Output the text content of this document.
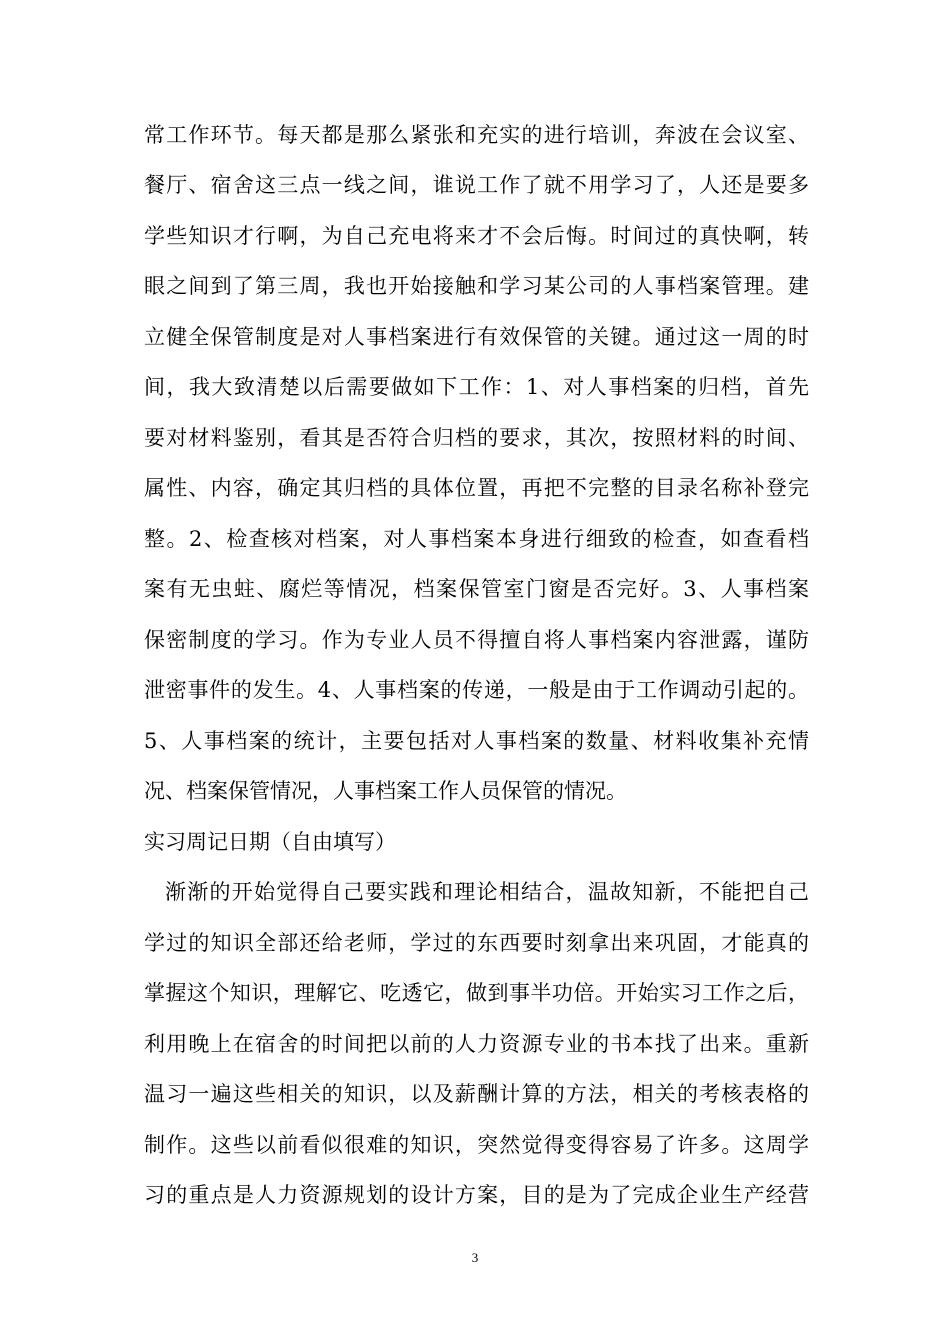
常工作环节。每天都是那么紧张和充实的进行培训，奔波在会议室、
餐厅、宿舍这三点一线之间，谁说工作了就不用学习了，人还是要多
学些知识才行啊，为自己充电将来才不会后悔。时间过的真快啊，转
眼之间到了第三周，我也开始接触和学习某公司的人事档案管理。建
立健全保管制度是对人事档案进行有效保管的关键。通过这一周的时
间，我大致清楚以后需要做如下工作：1、对人事档案的归档，首先
要对材料鉴别，看其是否符合归档的要求，其次，按照材料的时间、
属性、内容，确定其归档的具体位置，再把不完整的目录名称补登完
整。2、检查核对档案，对人事档案本身进行细致的检查，如查看档
案有无虫蛀、腐烂等情况，档案保管室门窗是否完好。3、人事档案
保密制度的学习。作为专业人员不得擅自将人事档案内容泄露，谨防
泄密事件的发生。4、人事档案的传递，一般是由于工作调动引起的。
5、人事档案的统计，主要包括对人事档案的数量、材料收集补充情
况、档案保管情况，人事档案工作人员保管的情况。
实习周记日期（自由填写）
渐渐的开始觉得自己要实践和理论相结合，温故知新，不能把自己
学过的知识全部还给老师，学过的东西要时刻拿出来巩固，才能真的
掌握这个知识，理解它、吃透它，做到事半功倍。开始实习工作之后，
利用晚上在宿舍的时间把以前的人力资源专业的书本找了出来。重新
温习一遍这些相关的知识，以及薪酬计算的方法，相关的考核表格的
制作。这些以前看似很难的知识，突然觉得变得容易了许多。这周学
习的重点是人力资源规划的设计方案，目的是为了完成企业生产经营
3
